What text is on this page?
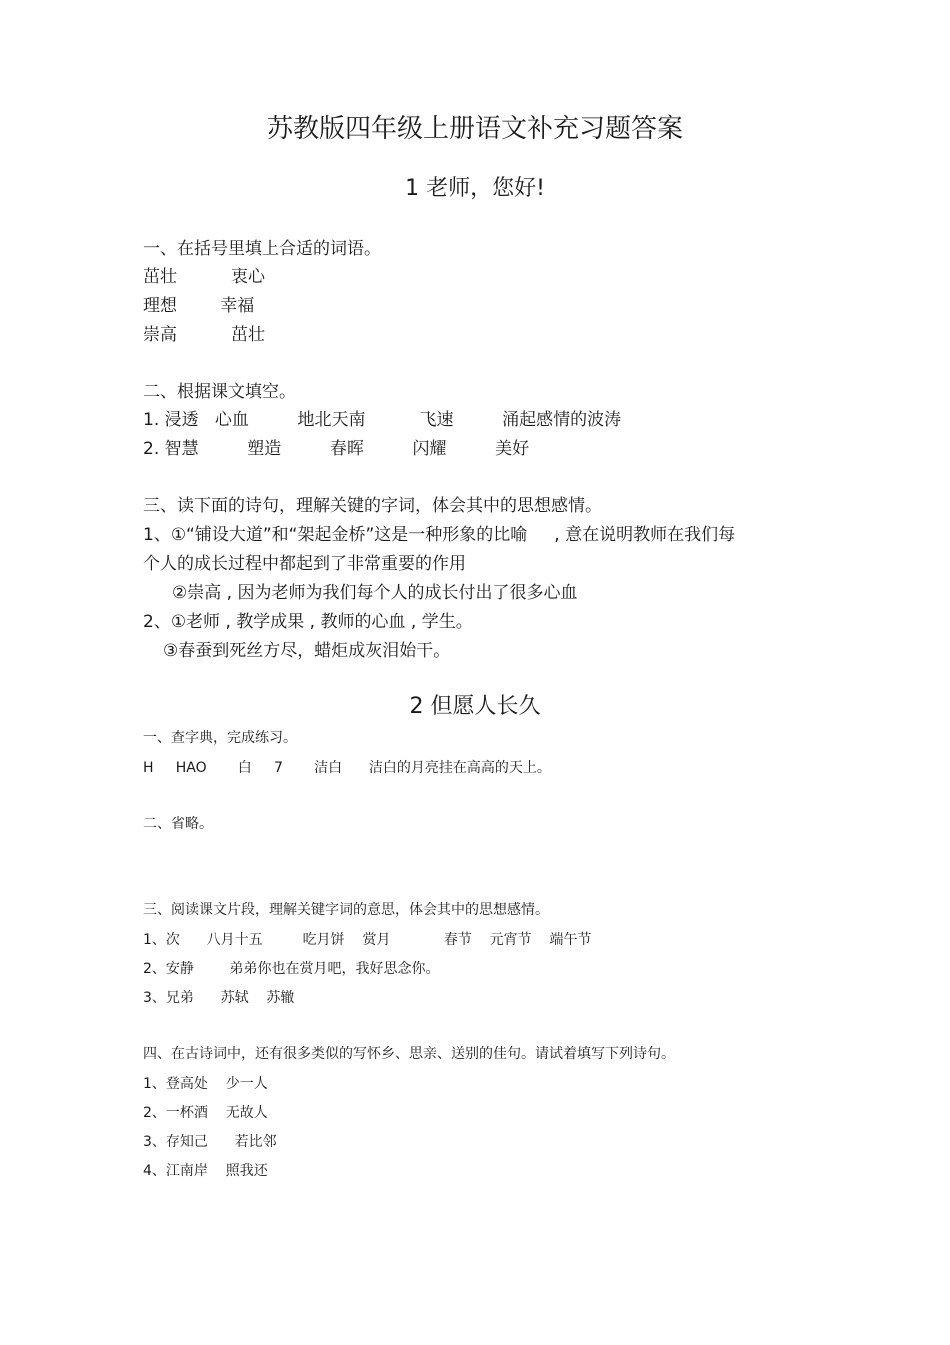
苏教版四年级上册语文补充习题答案
1 老师，您好!
一、在括号里填上合适的词语。
茁壮          衷心
理想        幸福
崇高          茁壮
二、根据课文填空。
1. 浸透   心血         地北天南          飞速         涌起感情的波涛
2. 智慧         塑造         春晖         闪耀         美好
三、读下面的诗句，理解关键的字词，体会其中的思想感情。
1、①“铺设大道”和“架起金桥”这是一种形象的比喻     , 意在说明教师在我们每
个人的成长过程中都起到了非常重要的作用
②崇高 , 因为老师为我们每个人的成长付出了很多心血
2、①老师 , 教学成果 , 教师的心血 , 学生。
③春蚕到死丝方尽，蜡炬成灰泪始干。
2 但愿人长久
一、查字典，完成练习。
H     HAO       白     7       洁白      洁白的月亮挂在高高的天上。
二、省略。
三、阅读课文片段，理解关键字词的意思，体会其中的思想感情。
1、次      八月十五         吃月饼    赏月            春节    元宵节    端午节
2、安静        弟弟你也在赏月吧，我好思念你。
3、兄弟      苏轼    苏辙
四、在古诗词中，还有很多类似的写怀乡、思亲、送别的佳句。请试着填写下列诗句。
1、登高处    少一人
2、一杯酒    无故人
3、存知己      若比邻
4、江南岸    照我还
